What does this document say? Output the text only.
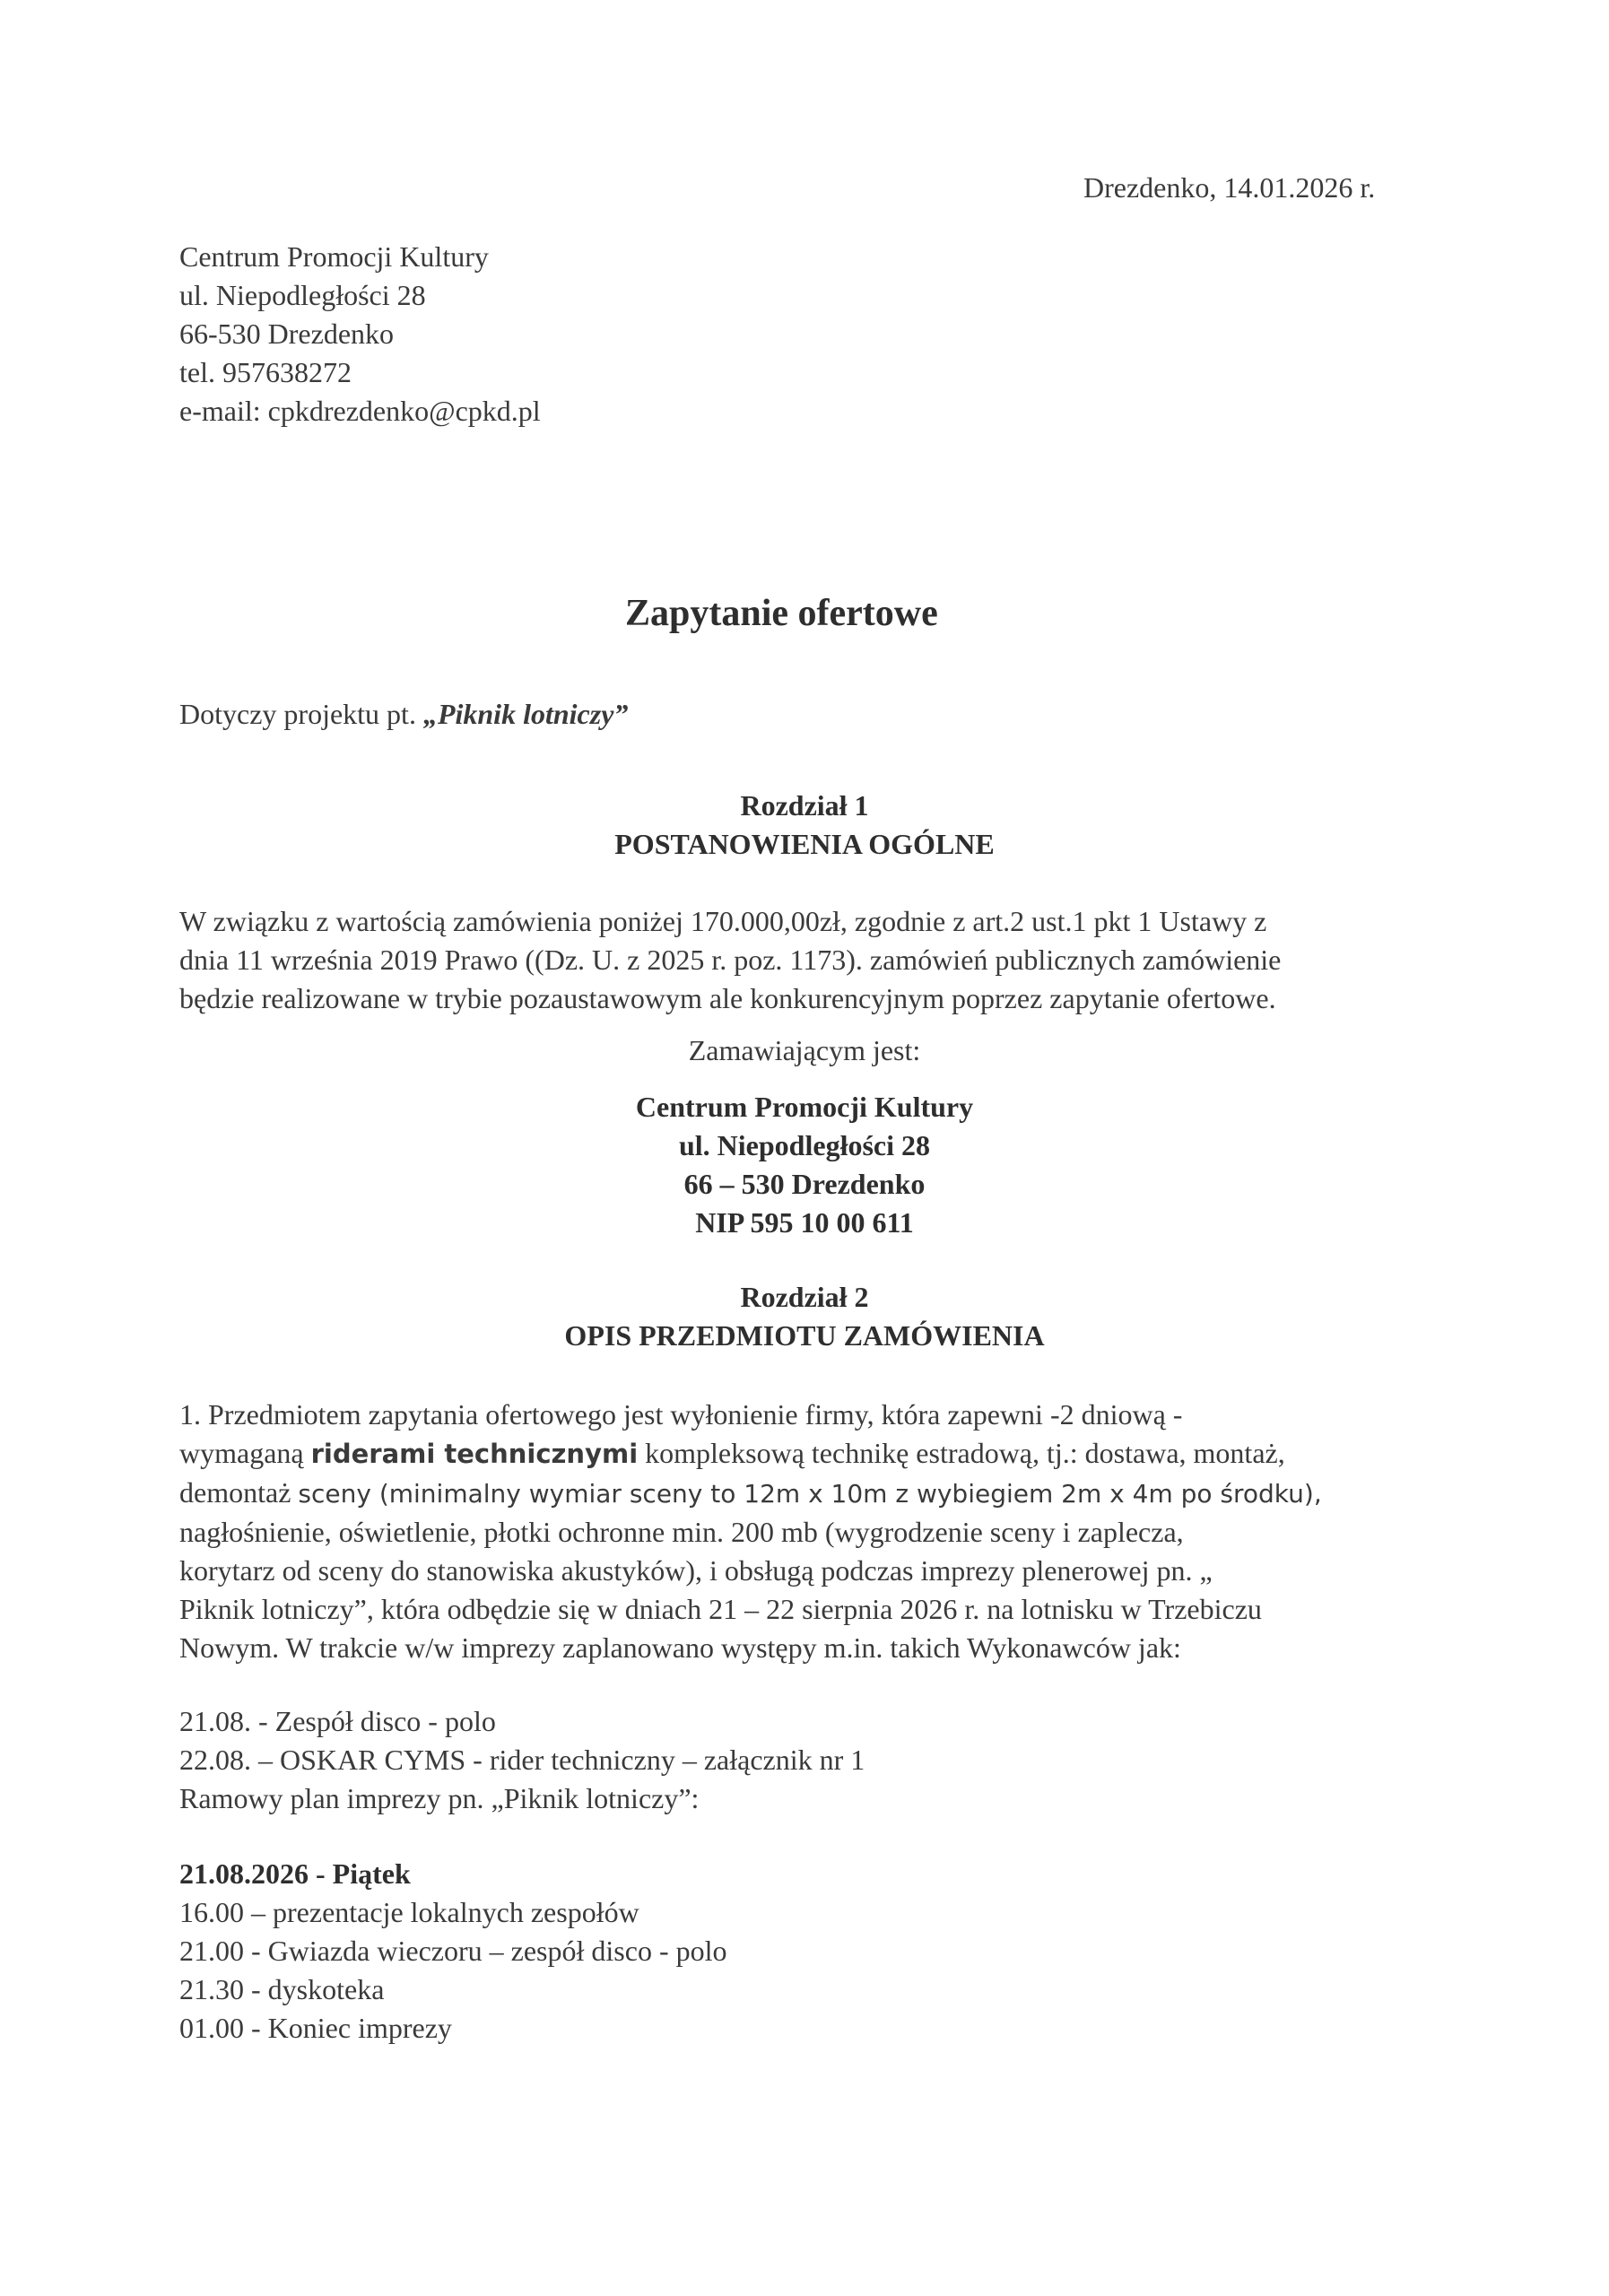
Drezdenko, 14.01.2026 r.

Centrum Promocji Kultury

ul. Niepodległości 28

66-530 Drezdenko

tel. 957638272

e-mail: cpkdrezdenko@cpkd.pl

Zapytanie ofertowe

Dotyczy projektu pt. „Piknik lotniczy”

Rozdział 1

POSTANOWIENIA OGÓLNE

W związku z wartością zamówienia poniżej 170.000,00zł, zgodnie z art.2 ust.1 pkt 1 Ustawy z

dnia 11 września 2019 Prawo ((Dz. U. z 2025 r. poz. 1173). zamówień publicznych zamówienie

będzie realizowane w trybie pozaustawowym ale konkurencyjnym poprzez zapytanie ofertowe.

Zamawiającym jest:

Centrum Promocji Kultury

ul. Niepodległości 28

66 – 530 Drezdenko

NIP 595 10 00 611

Rozdział 2

OPIS PRZEDMIOTU ZAMÓWIENIA

1. Przedmiotem zapytania ofertowego jest wyłonienie firmy, która zapewni -2 dniową -

wymaganą riderami technicznymi kompleksową technikę estradową, tj.: dostawa, montaż,

demontaż sceny (minimalny wymiar sceny to 12m x 10m z wybiegiem 2m x 4m po środku),

nagłośnienie, oświetlenie, płotki ochronne min. 200 mb (wygrodzenie sceny i zaplecza,

korytarz od sceny do stanowiska akustyków), i obsługą podczas imprezy plenerowej pn. „

Piknik lotniczy”, która odbędzie się w dniach 21 – 22 sierpnia 2026 r. na lotnisku w Trzebiczu

Nowym. W trakcie w/w imprezy zaplanowano występy m.in. takich Wykonawców jak:

21.08. - Zespół disco - polo

22.08. – OSKAR CYMS - rider techniczny – załącznik nr 1

Ramowy plan imprezy pn. „Piknik lotniczy”:

21.08.2026 - Piątek

16.00 – prezentacje lokalnych zespołów

21.00 - Gwiazda wieczoru – zespół disco - polo

21.30 - dyskoteka

01.00 - Koniec imprezy
